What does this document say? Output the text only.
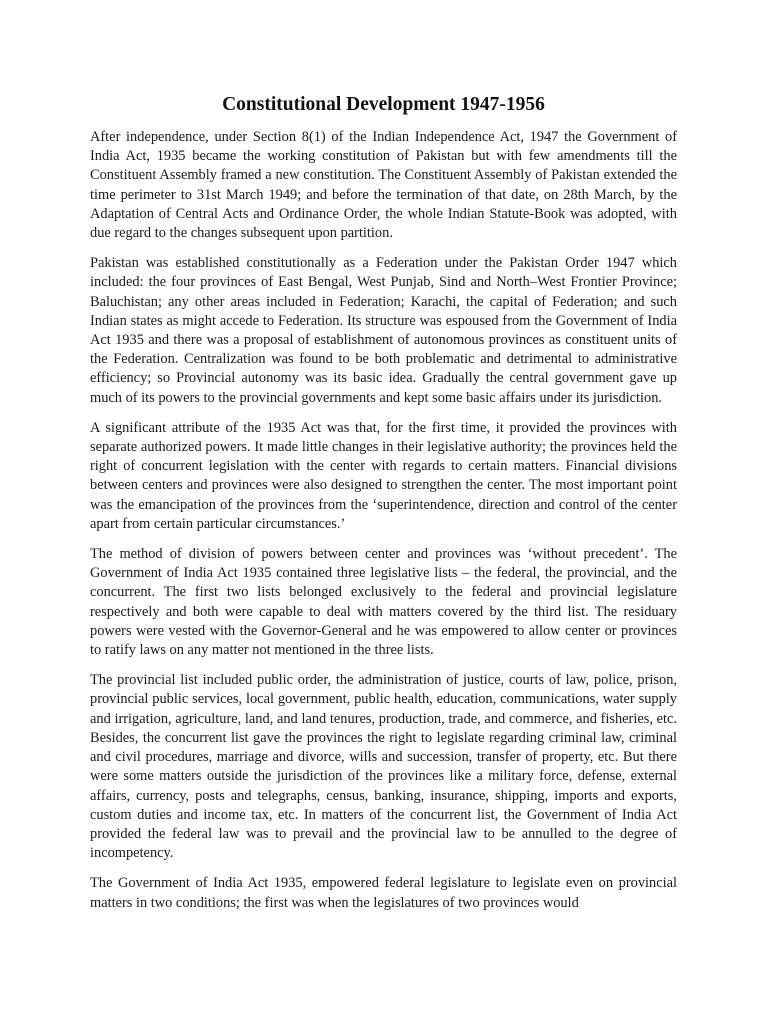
Constitutional Development 1947-1956

After independence, under Section 8(1) of the Indian Independence Act, 1947 the Government of India Act, 1935 became the working constitution of Pakistan but with few amendments till the Constituent Assembly framed a new constitution. The Constituent Assembly of Pakistan extended the time perimeter to 31st March 1949; and before the termination of that date, on 28th March, by the Adaptation of Central Acts and Ordinance Order, the whole Indian Statute-Book was adopted, with due regard to the changes subsequent upon partition.

Pakistan was established constitutionally as a Federation under the Pakistan Order 1947 which included: the four provinces of East Bengal, West Punjab, Sind and North–West Frontier Province; Baluchistan; any other areas included in Federation; Karachi, the capital of Federation; and such Indian states as might accede to Federation. Its structure was espoused from the Government of India Act 1935 and there was a proposal of establishment of autonomous provinces as constituent units of the Federation. Centralization was found to be both problematic and detrimental to administrative efficiency; so Provincial autonomy was its basic idea. Gradually the central government gave up much of its powers to the provincial governments and kept some basic affairs under its jurisdiction.

A significant attribute of the 1935 Act was that, for the first time, it provided the provinces with separate authorized powers. It made little changes in their legislative authority; the provinces held the right of concurrent legislation with the center with regards to certain matters. Financial divisions between centers and provinces were also designed to strengthen the center. The most important point was the emancipation of the provinces from the ‘superintendence, direction and control of the center apart from certain particular circumstances.’

The method of division of powers between center and provinces was ‘without precedent’. The Government of India Act 1935 contained three legislative lists – the federal, the provincial, and the concurrent. The first two lists belonged exclusively to the federal and provincial legislature respectively and both were capable to deal with matters covered by the third list. The residuary powers were vested with the Governor-General and he was empowered to allow center or provinces to ratify laws on any matter not mentioned in the three lists.

The provincial list included public order, the administration of justice, courts of law, police, prison, provincial public services, local government, public health, education, communications, water supply and irrigation, agriculture, land, and land tenures, production, trade, and commerce, and fisheries, etc. Besides, the concurrent list gave the provinces the right to legislate regarding criminal law, criminal and civil procedures, marriage and divorce, wills and succession, transfer of property, etc. But there were some matters outside the jurisdiction of the provinces like a military force, defense, external affairs, currency, posts and telegraphs, census, banking, insurance, shipping, imports and exports, custom duties and income tax, etc. In matters of the concurrent list, the Government of India Act provided the federal law was to prevail and the provincial law to be annulled to the degree of incompetency.

The Government of India Act 1935, empowered federal legislature to legislate even on provincial matters in two conditions; the first was when the legislatures of two provinces would
